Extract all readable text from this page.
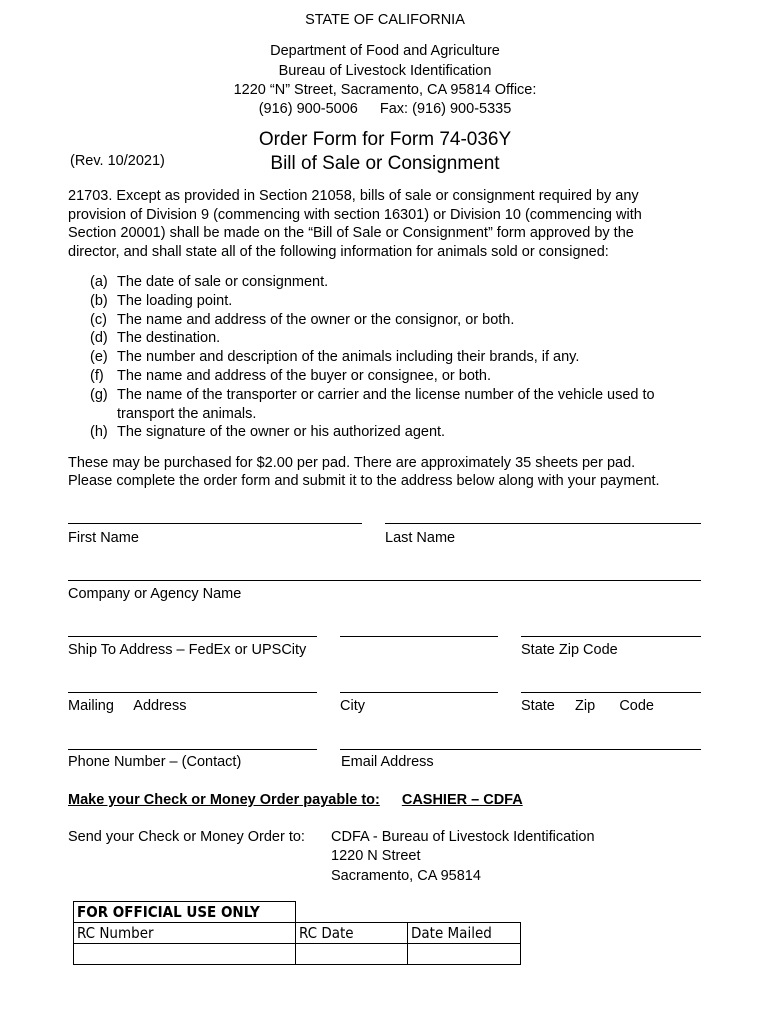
STATE OF CALIFORNIA
Department of Food and Agriculture
Bureau of Livestock Identification
1220 “N” Street, Sacramento, CA 95814 Office:
(916) 900-5006 Fax: (916) 900-5335
Order Form for Form 74-036Y
Bill of Sale or Consignment
(Rev. 10/2021)
21703. Except as provided in Section 21058, bills of sale or consignment required by any provision of Division 9 (commencing with section 16301) or Division 10 (commencing with Section 20001) shall be made on the “Bill of Sale or Consignment” form approved by the director, and shall state all of the following information for animals sold or consigned:
(a) The date of sale or consignment.
(b) The loading point.
(c) The name and address of the owner or the consignor, or both.
(d) The destination.
(e) The number and description of the animals including their brands, if any.
(f) The name and address of the buyer or consignee, or both.
(g) The name of the transporter or carrier and the license number of the vehicle used to transport the animals.
(h) The signature of the owner or his authorized agent.
These may be purchased for $2.00 per pad. There are approximately 35 sheets per pad.
Please complete the order form and submit it to the address below along with your payment.
First Name	Last Name
Company or Agency Name
Ship To Address – FedEx or UPSCity	State Zip Code
Mailing     Address	City	State     Zip      Code
Phone Number – (Contact)	Email Address
Make your Check or Money Order payable to: CASHIER – CDFA
Send your Check or Money Order to: CDFA - Bureau of Livestock Identification
1220 N Street
Sacramento, CA 95814
FOR OFFICIAL USE ONLY		
RC Number	RC Date	Date Mailed
